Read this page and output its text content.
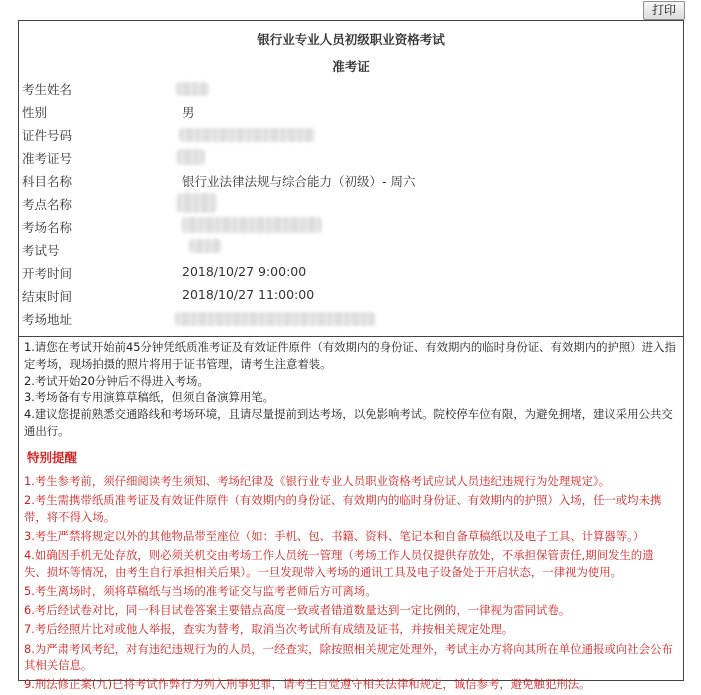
打印
银行业专业人员初级职业资格考试
准考证
考生姓名
性别	男
证件号码
准考证号
科目名称	银行业法律法规与综合能力（初级）- 周六
考点名称
考场名称
考试号
开考时间	2018/10/27 9:00:00
结束时间	2018/10/27 11:00:00
考场地址

1.请您在考试开始前45分钟凭纸质准考证及有效证件原件（有效期内的身份证、有效期内的临时身份证、有效期内的护照）进入指定考场，现场拍摄的照片将用于证书管理，请考生注意着装。

2.考试开始20分钟后不得进入考场。

3.考场备有专用演算草稿纸，但须自备演算用笔。

4.建议您提前熟悉交通路线和考场环境，且请尽量提前到达考场，以免影响考试。院校停车位有限，为避免拥堵，建议采用公共交通出行。

特别提醒

1.考生参考前，须仔细阅读考生须知、考场纪律及《银行业专业人员职业资格考试应试人员违纪违规行为处理规定》。

2.考生需携带纸质准考证及有效证件原件（有效期内的身份证、有效期内的临时身份证、有效期内的护照）入场，任一或均未携带，将不得入场。

3.考生严禁将规定以外的其他物品带至座位（如：手机、包、书籍、资料、笔记本和自备草稿纸以及电子工具、计算器等。）

4.如确因手机无处存放，则必须关机交由考场工作人员统一管理（考场工作人员仅提供存放处，不承担保管责任,期间发生的遗失、损坏等情况，由考生自行承担相关后果）。一旦发现带入考场的通讯工具及电子设备处于开启状态，一律视为使用。

5.考生离场时，须将草稿纸与当场的准考证交与监考老师后方可离场。

6.考后经试卷对比，同一科目试卷答案主要错点高度一致或者错道数量达到一定比例的，一律视为雷同试卷。

7.考后经照片比对或他人举报，查实为替考，取消当次考试所有成绩及证书，并按相关规定处理。

8.为严肃考风考纪，对有违纪违规行为的人员，一经查实，除按照相关规定处理外，考试主办方将向其所在单位通报或向社会公布其相关信息。

9.刑法修正案(九)已将考试作弊行为列入刑事犯罪，请考生自觉遵守相关法律和规定，诚信参考，避免触犯刑法。
